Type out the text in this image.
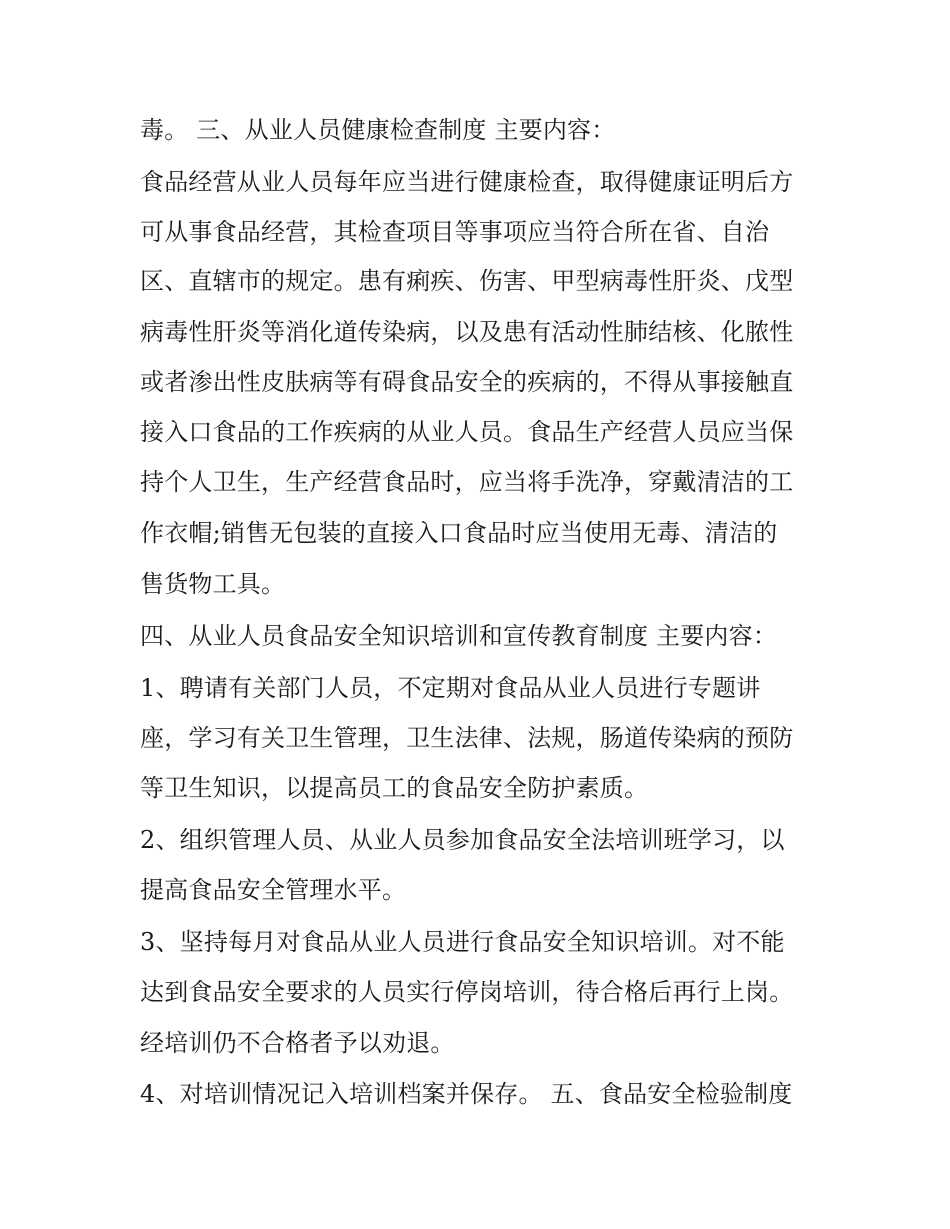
毒。 三、从业人员健康检查制度 主要内容：

食品经营从业人员每年应当进行健康检查，取得健康证明后方

可从事食品经营，其检查项目等事项应当符合所在省、自治

区、直辖市的规定。患有痢疾、伤害、甲型病毒性肝炎、戊型

病毒性肝炎等消化道传染病，以及患有活动性肺结核、化脓性

或者渗出性皮肤病等有碍食品安全的疾病的，不得从事接触直

接入口食品的工作疾病的从业人员。食品生产经营人员应当保

持个人卫生，生产经营食品时，应当将手洗净，穿戴清洁的工

作衣帽;销售无包装的直接入口食品时应当使用无毒、清洁的

售货物工具。

四、从业人员食品安全知识培训和宣传教育制度 主要内容：

1、聘请有关部门人员，不定期对食品从业人员进行专题讲

座，学习有关卫生管理，卫生法律、法规，肠道传染病的预防

等卫生知识，以提高员工的食品安全防护素质。

2、组织管理人员、从业人员参加食品安全法培训班学习，以

提高食品安全管理水平。

3、坚持每月对食品从业人员进行食品安全知识培训。对不能

达到食品安全要求的人员实行停岗培训，待合格后再行上岗。

经培训仍不合格者予以劝退。

4、对培训情况记入培训档案并保存。 五、食品安全检验制度
